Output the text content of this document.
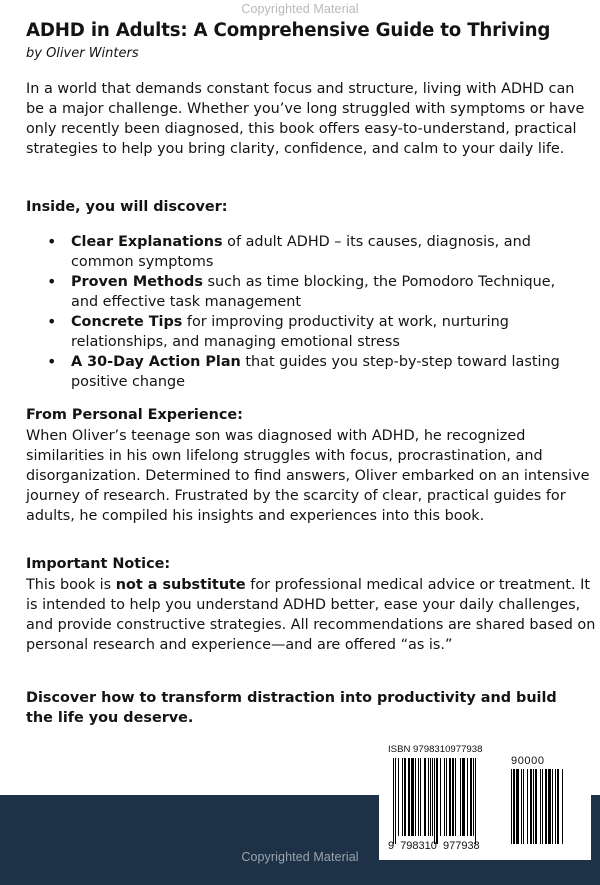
Copyrighted Material
ADHD in Adults: A Comprehensive Guide to Thriving
by Oliver Winters

In a world that demands constant focus and structure, living with ADHD can be a major challenge. Whether you’ve long struggled with symptoms or have only recently been diagnosed, this book offers easy-to-understand, practical strategies to help you bring clarity, confidence, and calm to your daily life.

Inside, you will discover:
• Clear Explanations of adult ADHD – its causes, diagnosis, and common symptoms
• Proven Methods such as time blocking, the Pomodoro Technique, and effective task management
• Concrete Tips for improving productivity at work, nurturing relationships, and managing emotional stress
• A 30-Day Action Plan that guides you step-by-step toward lasting positive change
From Personal Experience:

When Oliver’s teenage son was diagnosed with ADHD, he recognized similarities in his own lifelong struggles with focus, procrastination, and disorganization. Determined to find answers, Oliver embarked on an intensive journey of research. Frustrated by the scarcity of clear, practical guides for adults, he compiled his insights and experiences into this book.

Important Notice:

This book is not a substitute for professional medical advice or treatment. It is intended to help you understand ADHD better, ease your daily challenges, and provide constructive strategies. All recommendations are shared based on personal research and experience—and are offered “as is.”

Discover how to transform distraction into productivity and build the life you deserve.

ISBN 9798310977938
90000
9 798310 977938
Copyrighted Material
